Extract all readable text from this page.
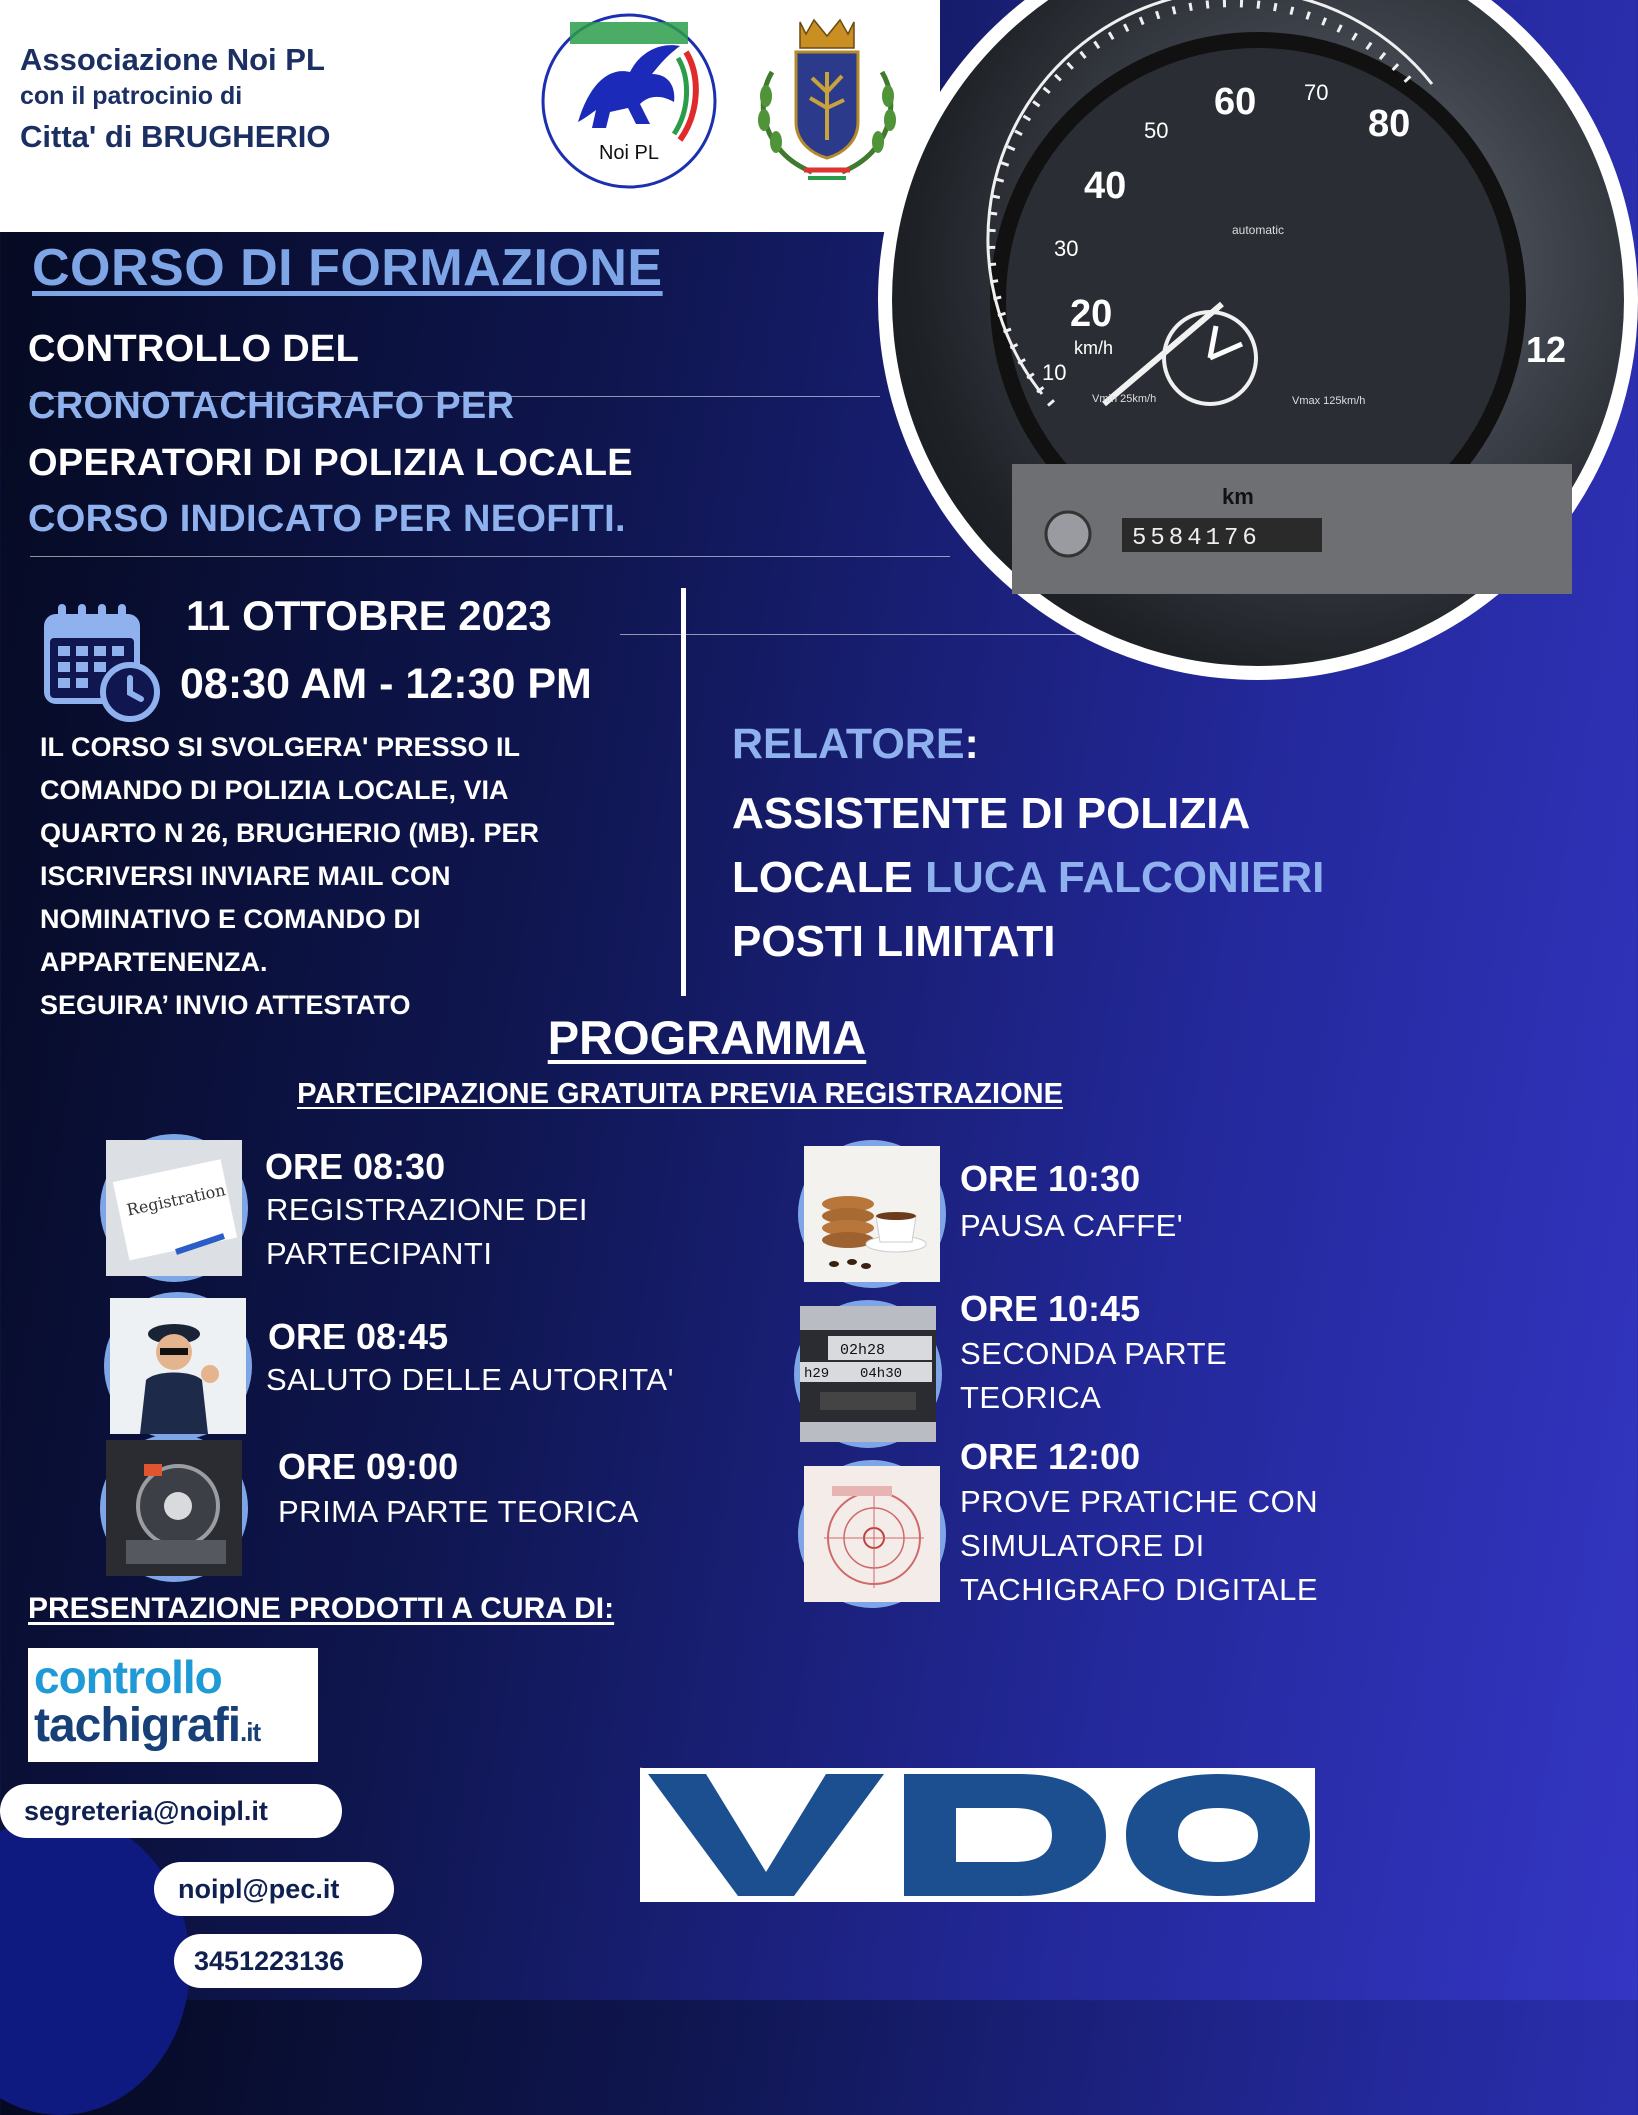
Associazione Noi PL
con il patrocinio di
Citta' di BRUGHERIO	Noi PL
10
20
30
40
50
60 70
80
12
km/h
automatic
Vmin 25km/h	Vmax 125km/h
km
5584176
CORSO DI FORMAZIONE
CONTROLLO DEL
CRONOTACHIGRAFO PER
OPERATORI DI POLIZIA LOCALE
CORSO INDICATO PER NEOFITI.
11 OTTOBRE 2023
08:30 AM - 12:30 PM
IL CORSO SI SVOLGERA' PRESSO IL
COMANDO DI POLIZIA LOCALE, VIA
QUARTO N 26, BRUGHERIO (MB). PER
ISCRIVERSI INVIARE MAIL CON
NOMINATIVO E COMANDO DI
APPARTENENZA.
SEGUIRA’ INVIO ATTESTATO
RELATORE:
ASSISTENTE DI POLIZIA
LOCALE LUCA FALCONIERI
POSTI LIMITATI
PROGRAMMA
PARTECIPAZIONE GRATUITA PREVIA REGISTRAZIONE
Registration
ORE 08:30
REGISTRAZIONE DEI
PARTECIPANTI
ORE 08:45
SALUTO DELLE AUTORITA'
ORE 09:00
PRIMA PARTE TEORICA
ORE 10:30
PAUSA CAFFE'
02h28
h29 04h30
ORE 10:45
SECONDA PARTE
TEORICA
ORE 12:00
PROVE PRATICHE CON
SIMULATORE DI
TACHIGRAFO DIGITALE
PRESENTAZIONE PRODOTTI A CURA DI:
controllo
tachigrafi.it
VDO
segreteria@noipl.it
noipl@pec.it
3451223136
